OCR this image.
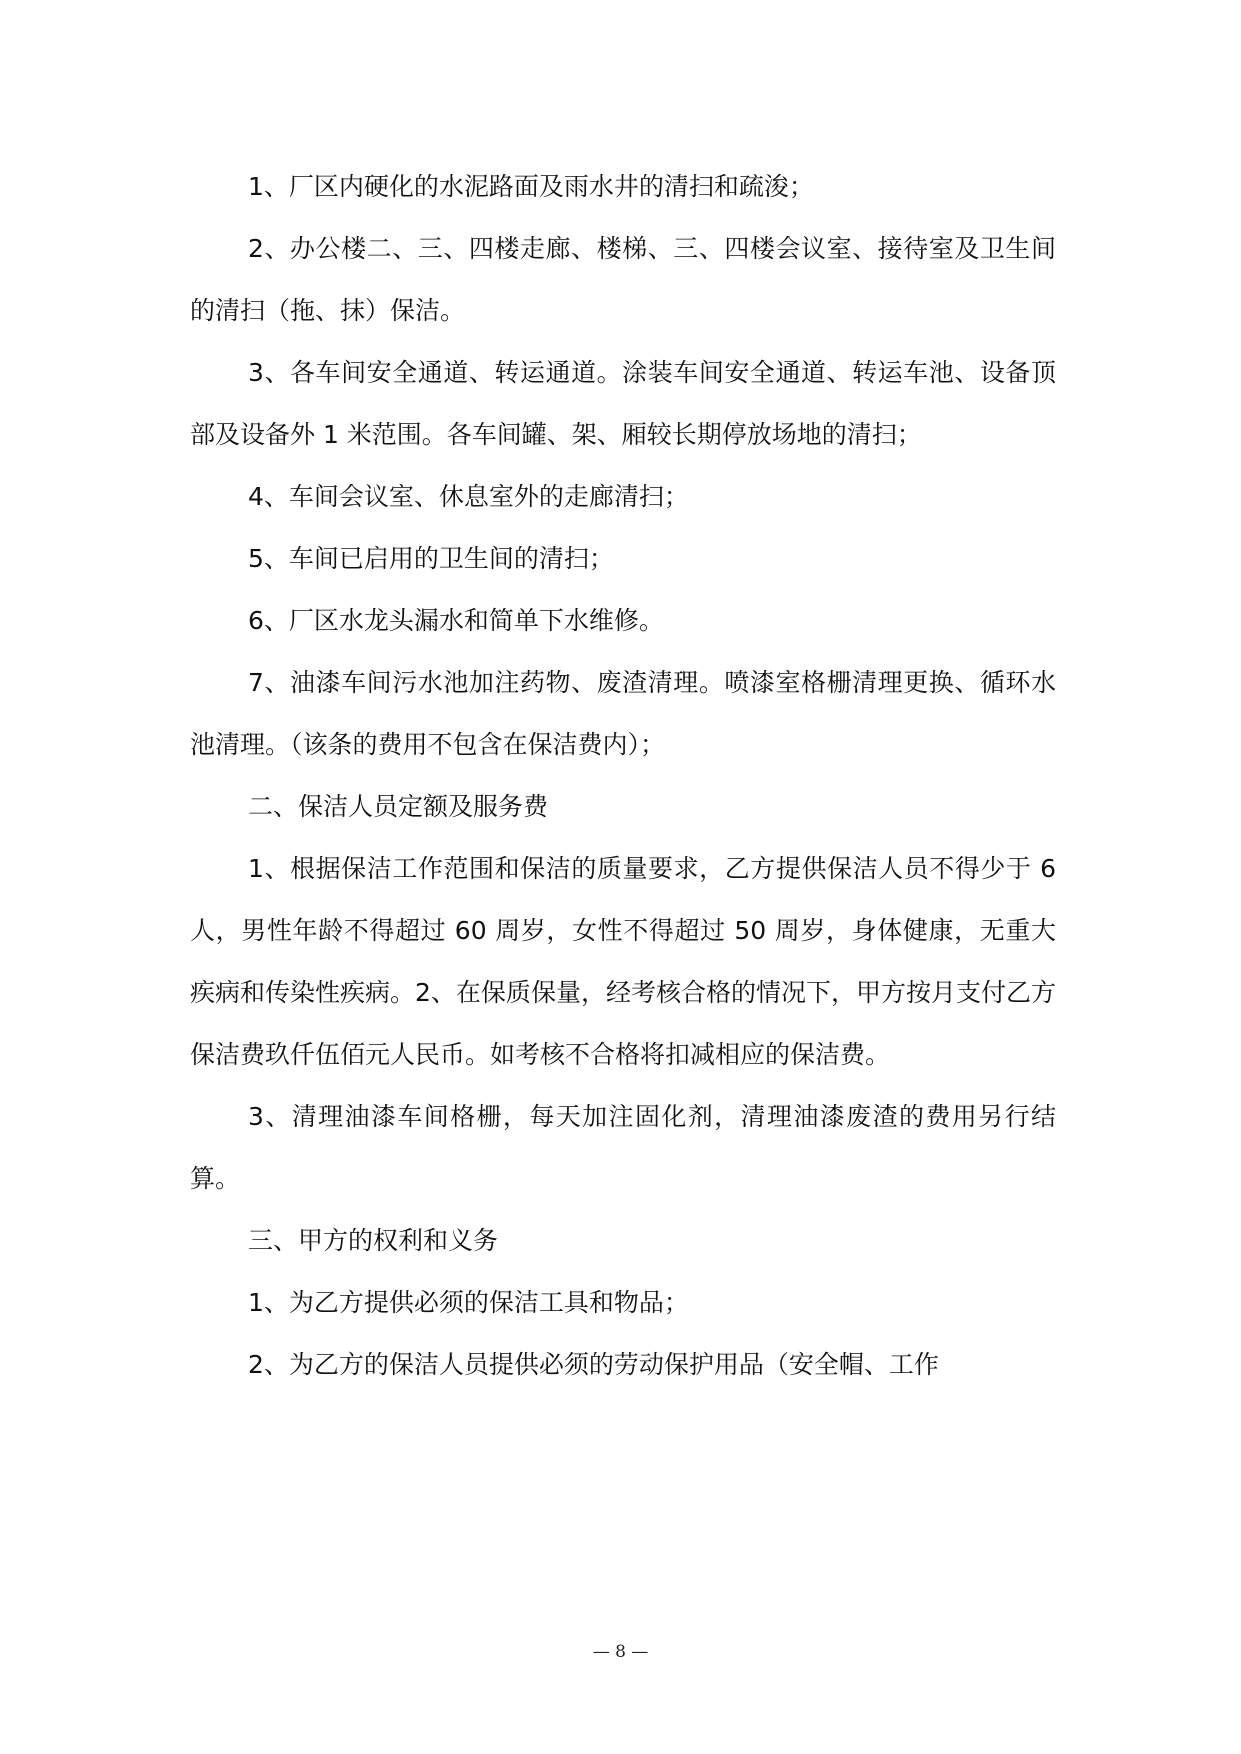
1、厂区内硬化的水泥路面及雨水井的清扫和疏浚；

2、办公楼二、三、四楼走廊、楼梯、三、四楼会议室、接待室及卫生间的清扫（拖、抹）保洁。

3、各车间安全通道、转运通道。涂装车间安全通道、转运车池、设备顶部及设备外 1 米范围。各车间罐、架、厢较长期停放场地的清扫；

4、车间会议室、休息室外的走廊清扫；

5、车间已启用的卫生间的清扫；

6、厂区水龙头漏水和简单下水维修。

7、油漆车间污水池加注药物、废渣清理。喷漆室格栅清理更换、循环水池清理。（该条的费用不包含在保洁费内）；

二、保洁人员定额及服务费

1、根据保洁工作范围和保洁的质量要求，乙方提供保洁人员不得少于 6 人，男性年龄不得超过 60 周岁，女性不得超过 50 周岁，身体健康，无重大疾病和传染性疾病。2、在保质保量，经考核合格的情况下，甲方按月支付乙方保洁费玖仟伍佰元人民币。如考核不合格将扣减相应的保洁费。

3、清理油漆车间格栅，每天加注固化剂，清理油漆废渣的费用另行结算。

三、甲方的权利和义务

1、为乙方提供必须的保洁工具和物品；

2、为乙方的保洁人员提供必须的劳动保护用品（安全帽、工作

— 8 —
